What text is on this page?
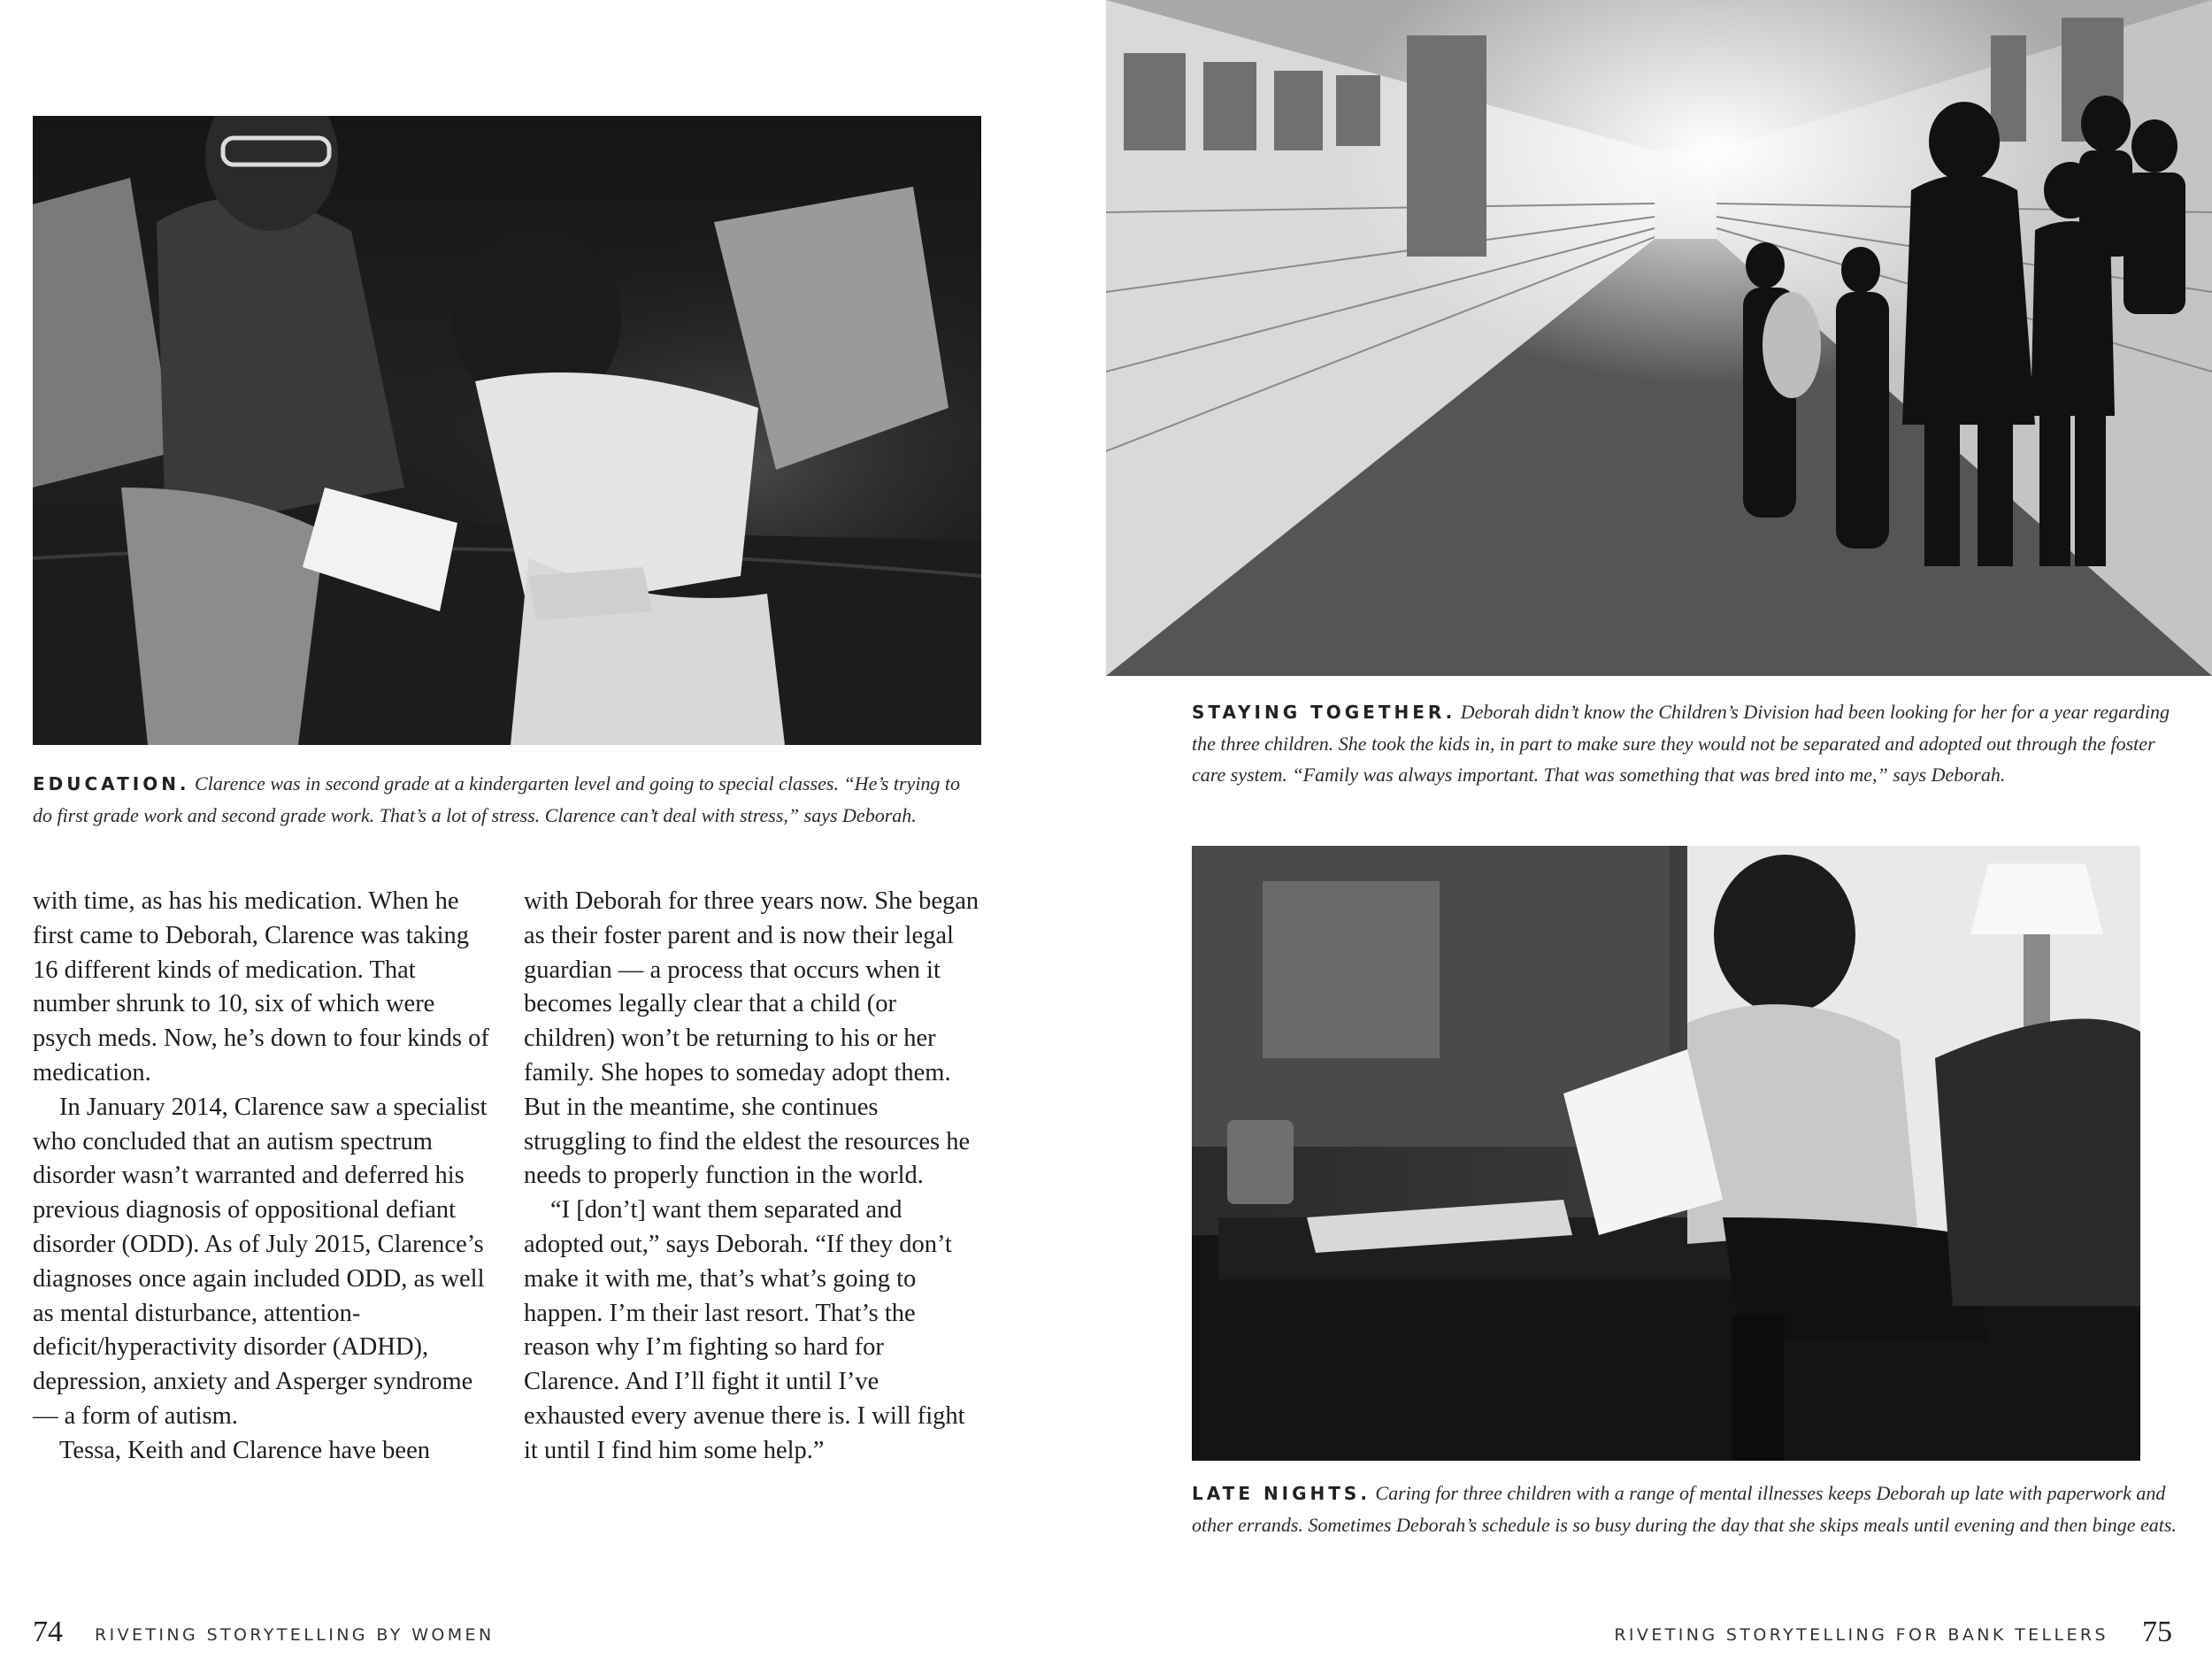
EDUCATION. Clarence was in second grade at a kindergarten level and going to special classes. “He’s trying to do first grade work and second grade work. That’s a lot of stress. Clarence can’t deal with stress,” says Deborah.

with time, as has his medication. When he first came to Deborah, Clarence was taking 16 different kinds of medication. That number shrunk to 10, six of which were psych meds. Now, he’s down to four kinds of medication.

In January 2014, Clarence saw a specialist who concluded that an autism spectrum disorder wasn’t warranted and deferred his previous diagnosis of oppositional defiant disorder (ODD). As of July 2015, Clarence’s diagnoses once again included ODD, as well as mental disturbance, attention-deficit/hyperactivity disorder (ADHD), depression, anxiety and Asperger syndrome — a form of autism.

Tessa, Keith and Clarence have been

with Deborah for three years now. She began as their foster parent and is now their legal guardian — a process that occurs when it becomes legally clear that a child (or children) won’t be returning to his or her family. She hopes to someday adopt them. But in the meantime, she continues struggling to find the eldest the resources he needs to properly function in the world.

“I [don’t] want them separated and adopted out,” says Deborah. “If they don’t make it with me, that’s what’s going to happen. I’m their last resort. That’s the reason why I’m fighting so hard for Clarence. And I’ll fight it until I’ve exhausted every avenue there is. I will fight it until I find him some help.”

74 RIVETING STORYTELLING BY WOMEN
STAYING TOGETHER. Deborah didn’t know the Children’s Division had been looking for her for a year regarding the three children. She took the kids in, in part to make sure they would not be separated and adopted out through the foster care system. “Family was always important. That was something that was bred into me,” says Deborah.
LATE NIGHTS. Caring for three children with a range of mental illnesses keeps Deborah up late with paperwork and other errands. Sometimes Deborah’s schedule is so busy during the day that she skips meals until evening and then binge eats.
RIVETING STORYTELLING FOR BANK TELLERS 75
